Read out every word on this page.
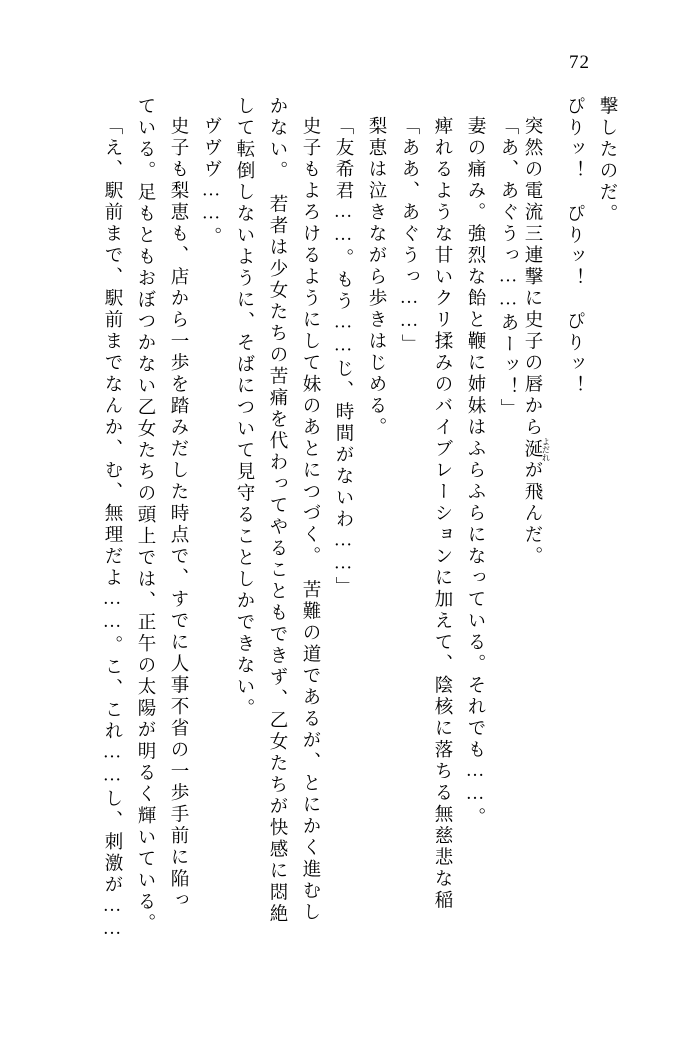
72
撃したのだ。
ぴりッ！　ぴりッ！　ぴりッ！
突然の電流三連撃に史子の唇から涎 よだれが飛んだ。
「あ、あぐうっ……あーッ！」
妻の痛み。強烈な飴と鞭に姉妹はふらふらになっている。それでも……。
痺れるような甘いクリ揉みのバイブレーションに加えて、陰核に落ちる無慈悲な稲
「ああ、あぐうっ……」
梨恵は泣きながら歩きはじめる。
「友希君……。もう……じ、時間がないわ……」
史子もよろけるようにして妹のあとにつづく。　苦難の道であるが、とにかく進むし
かない。　若者は少女たちの苦痛を代わってやることもできず、乙女たちが快感に悶絶
して転倒しないように、そばについて見守ることしかできない。
ヴヴヴ……。
史子も梨恵も、店から一歩を踏みだした時点で、すでに人事不省の一歩手前に陥っ
ている。足もともおぼつかない乙女たちの頭上では、正午の太陽が明るく輝いている。
「え、駅前まで、駅前までなんか、む、無理だよ……。こ、これ……し、刺激が……
